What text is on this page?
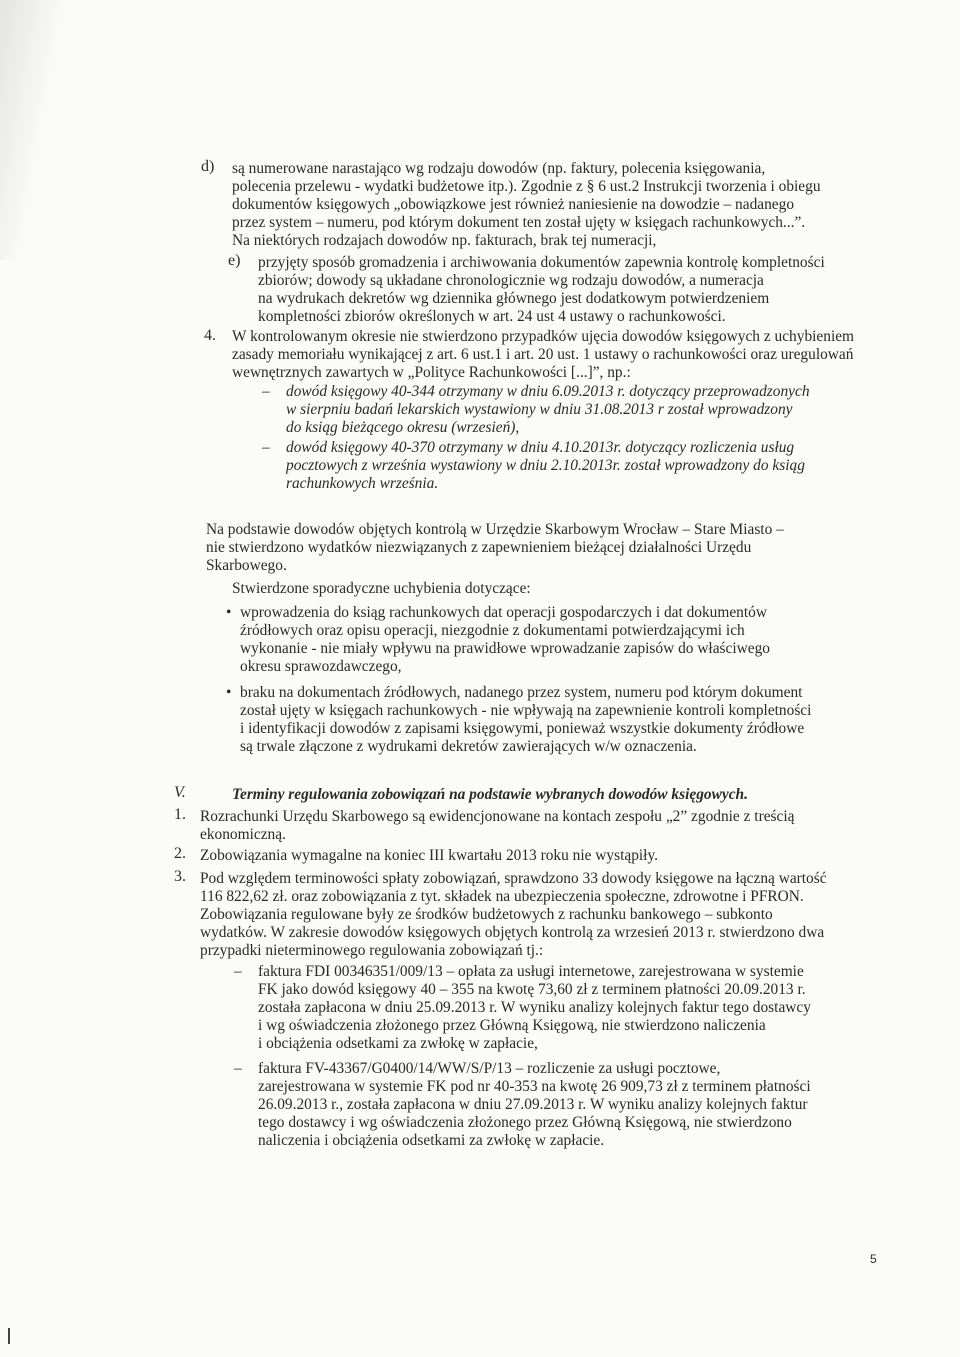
d) są numerowane narastająco wg rodzaju dowodów (np. faktury, polecenia księgowania,
polecenia przelewu - wydatki budżetowe itp.). Zgodnie z § 6 ust.2 Instrukcji tworzenia i obiegu
dokumentów księgowych „obowiązkowe jest również naniesienie na dowodzie – nadanego
przez system – numeru, pod którym dokument ten został ujęty w księgach rachunkowych...”.
Na niektórych rodzajach dowodów np. fakturach, brak tej numeracji,
e) przyjęty sposób gromadzenia i archiwowania dokumentów zapewnia kontrolę kompletności
zbiorów; dowody są układane chronologicznie wg rodzaju dowodów, a numeracja
na wydrukach dekretów wg dziennika głównego jest dodatkowym potwierdzeniem
kompletności zbiorów określonych w art. 24 ust 4 ustawy o rachunkowości.
4. W kontrolowanym okresie nie stwierdzono przypadków ujęcia dowodów księgowych z uchybieniem
zasady memoriału wynikającej z art. 6 ust.1 i art. 20 ust. 1 ustawy o rachunkowości oraz uregulowań
wewnętrznych zawartych w „Polityce Rachunkowości [...]”, np.:
– dowód księgowy 40-344 otrzymany w dniu 6.09.2013 r. dotyczący przeprowadzonych
w sierpniu badań lekarskich wystawiony w dniu 31.08.2013 r został wprowadzony
do ksiąg bieżącego okresu (wrzesień),
– dowód księgowy 40-370 otrzymany w dniu 4.10.2013r. dotyczący rozliczenia usług
pocztowych z września wystawiony w dniu 2.10.2013r. został wprowadzony do ksiąg
rachunkowych września.
Na podstawie dowodów objętych kontrolą w Urzędzie Skarbowym Wrocław – Stare Miasto –
nie stwierdzono wydatków niezwiązanych z zapewnieniem bieżącej działalności Urzędu
Skarbowego.
Stwierdzone sporadyczne uchybienia dotyczące:
• wprowadzenia do ksiąg rachunkowych dat operacji gospodarczych i dat dokumentów
źródłowych oraz opisu operacji, niezgodnie z dokumentami potwierdzającymi ich
wykonanie - nie miały wpływu na prawidłowe wprowadzanie zapisów do właściwego
okresu sprawozdawczego,
• braku na dokumentach źródłowych, nadanego przez system, numeru pod którym dokument
został ujęty w księgach rachunkowych - nie wpływają na zapewnienie kontroli kompletności
i identyfikacji dowodów z zapisami księgowymi, ponieważ wszystkie dokumenty źródłowe
są trwale złączone z wydrukami dekretów zawierających w/w oznaczenia.
V.	Terminy regulowania zobowiązań na podstawie wybranych dowodów księgowych.
1. Rozrachunki Urzędu Skarbowego są ewidencjonowane na kontach zespołu „2” zgodnie z treścią
ekonomiczną.
2. Zobowiązania wymagalne na koniec III kwartału 2013 roku nie wystąpiły.
3. Pod względem terminowości spłaty zobowiązań, sprawdzono 33 dowody księgowe na łączną wartość
116 822,62 zł. oraz zobowiązania z tyt. składek na ubezpieczenia społeczne, zdrowotne i PFRON.
Zobowiązania regulowane były ze środków budżetowych z rachunku bankowego – subkonto
wydatków. W zakresie dowodów księgowych objętych kontrolą za wrzesień 2013 r. stwierdzono dwa
przypadki nieterminowego regulowania zobowiązań tj.:
– faktura FDI 00346351/009/13 – opłata za usługi internetowe, zarejestrowana w systemie
FK jako dowód księgowy 40 – 355 na kwotę 73,60 zł z terminem płatności 20.09.2013 r.
została zapłacona w dniu 25.09.2013 r. W wyniku analizy kolejnych faktur tego dostawcy
i wg oświadczenia złożonego przez Główną Księgową, nie stwierdzono naliczenia
i obciążenia odsetkami za zwłokę w zapłacie,
– faktura FV-43367/G0400/14/WW/S/P/13 – rozliczenie za usługi pocztowe,
zarejestrowana w systemie FK pod nr 40-353 na kwotę 26 909,73 zł z terminem płatności
26.09.2013 r., została zapłacona w dniu 27.09.2013 r. W wyniku analizy kolejnych faktur
tego dostawcy i wg oświadczenia złożonego przez Główną Księgową, nie stwierdzono
naliczenia i obciążenia odsetkami za zwłokę w zapłacie.
5
